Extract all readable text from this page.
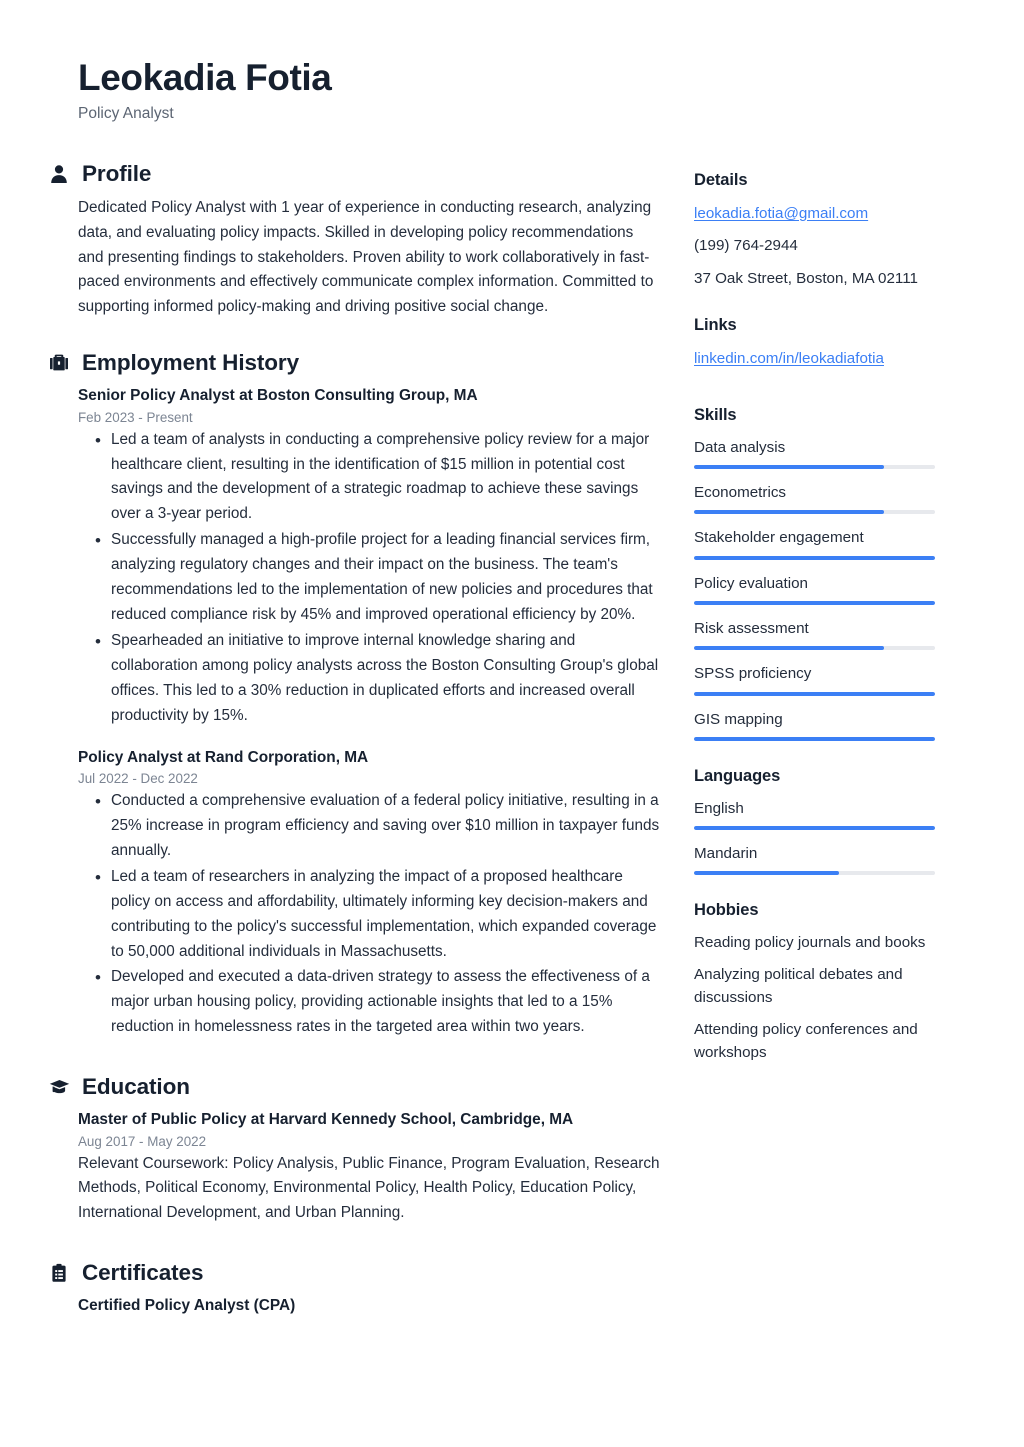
Leokadia Fotia
Policy Analyst
Profile

Dedicated Policy Analyst with 1 year of experience in conducting research, analyzing data, and evaluating policy impacts. Skilled in developing policy recommendations and presenting findings to stakeholders. Proven ability to work collaboratively in fast-paced environments and effectively communicate complex information. Committed to supporting informed policy-making and driving positive social change.

Employment History
Senior Policy Analyst at Boston Consulting Group, MA
Feb 2023 - Present
• Led a team of analysts in conducting a comprehensive policy review for a major healthcare client, resulting in the identification of $15 million in potential cost savings and the development of a strategic roadmap to achieve these savings over a 3-year period.
• Successfully managed a high-profile project for a leading financial services firm, analyzing regulatory changes and their impact on the business. The team's recommendations led to the implementation of new policies and procedures that reduced compliance risk by 45% and improved operational efficiency by 20%.
• Spearheaded an initiative to improve internal knowledge sharing and collaboration among policy analysts across the Boston Consulting Group's global offices. This led to a 30% reduction in duplicated efforts and increased overall productivity by 15%.
Policy Analyst at Rand Corporation, MA
Jul 2022 - Dec 2022
• Conducted a comprehensive evaluation of a federal policy initiative, resulting in a 25% increase in program efficiency and saving over $10 million in taxpayer funds annually.
• Led a team of researchers in analyzing the impact of a proposed healthcare policy on access and affordability, ultimately informing key decision-makers and contributing to the policy's successful implementation, which expanded coverage to 50,000 additional individuals in Massachusetts.
• Developed and executed a data-driven strategy to assess the effectiveness of a major urban housing policy, providing actionable insights that led to a 15% reduction in homelessness rates in the targeted area within two years.
Education
Master of Public Policy at Harvard Kennedy School, Cambridge, MA
Aug 2017 - May 2022
Relevant Coursework: Policy Analysis, Public Finance, Program Evaluation, Research Methods, Political Economy, Environmental Policy, Health Policy, Education Policy, International Development, and Urban Planning.
Certificates
Certified Policy Analyst (CPA)
Details
leokadia.fotia@gmail.com
(199) 764-2944
37 Oak Street, Boston, MA 02111
Links
linkedin.com/in/leokadiafotia
Skills
Data analysis
Econometrics
Stakeholder engagement
Policy evaluation
Risk assessment
SPSS proficiency
GIS mapping
Languages
English
Mandarin
Hobbies
Reading policy journals and books
Analyzing political debates and discussions
Attending policy conferences and workshops
